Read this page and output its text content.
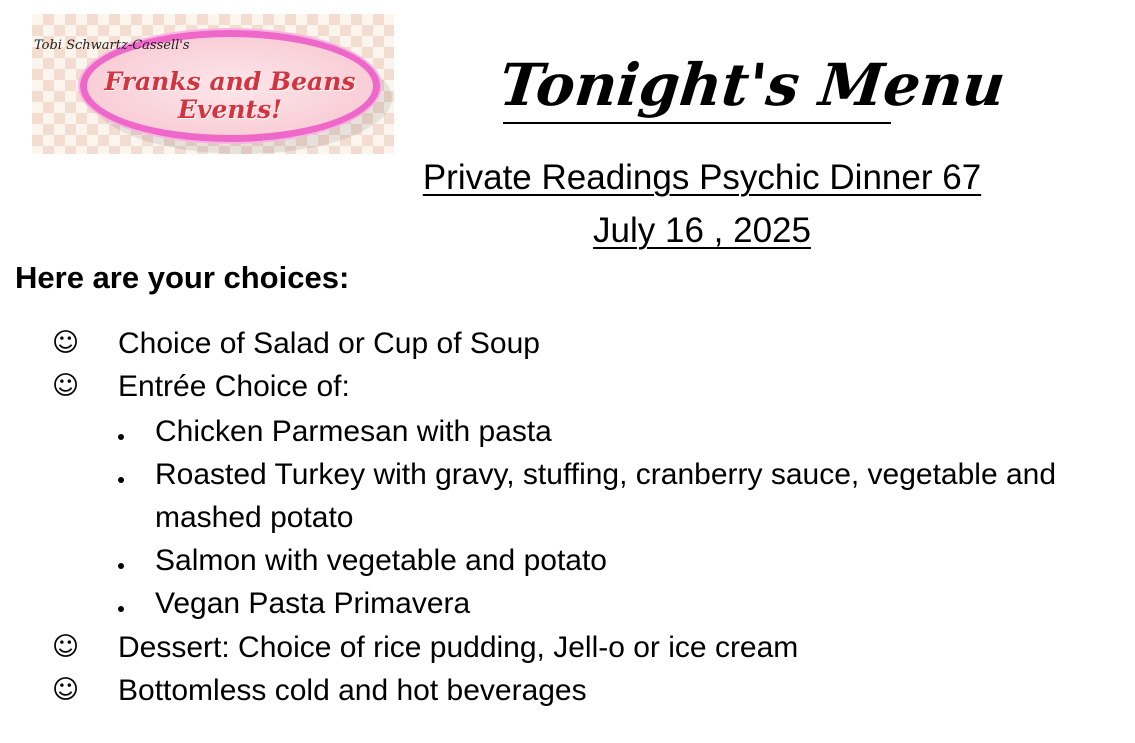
Tobi Schwartz-Cassell's
Franks and Beans
Events!	Tonight's Menu
Private Readings Psychic Dinner 67
July 16 , 2025
Here are your choices:
☺ Choice of Salad or Cup of Soup
☺ Entrée Choice of:
Chicken Parmesan with pasta
Roasted Turkey with gravy, stuffing, cranberry sauce, vegetable and
mashed potato
Salmon with vegetable and potato
Vegan Pasta Primavera
☺ Dessert: Choice of rice pudding, Jell-o or ice cream
☺ Bottomless cold and hot beverages
